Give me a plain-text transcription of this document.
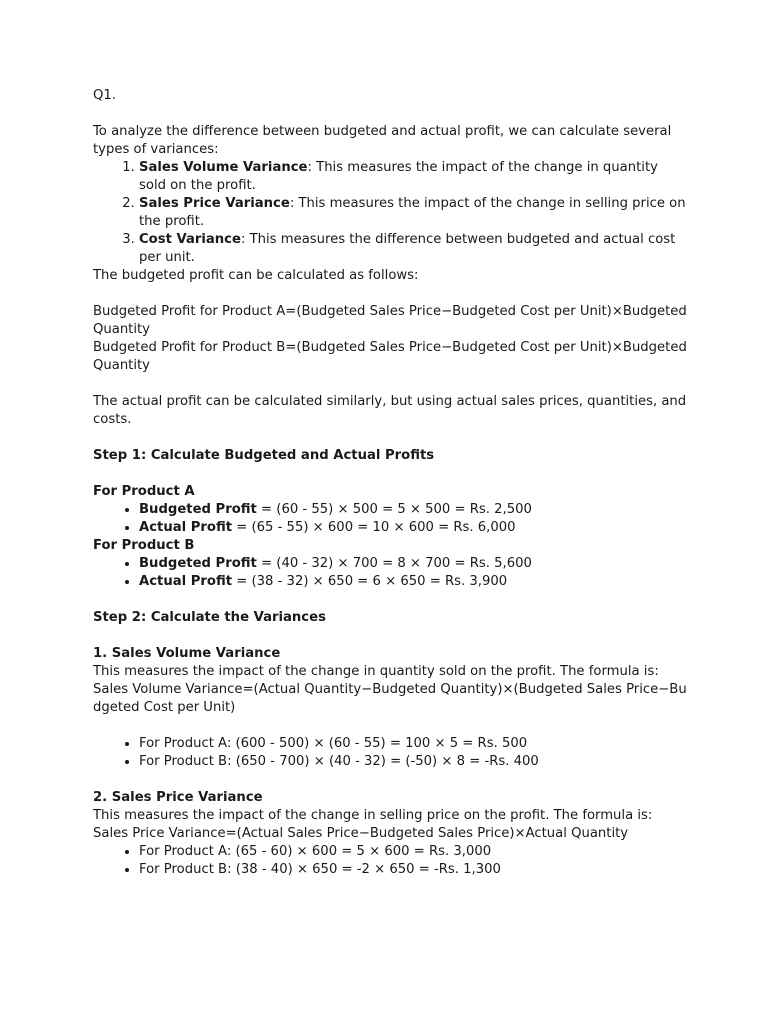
Q1.

To analyze the difference between budgeted and actual profit, we can calculate several types of variances:

1. Sales Volume Variance: This measures the impact of the change in quantity sold on the profit.
2. Sales Price Variance: This measures the impact of the change in selling price on the profit.
3. Cost Variance: This measures the difference between budgeted and actual cost per unit.

The budgeted profit can be calculated as follows:

Budgeted Profit for Product A=(Budgeted Sales Price−Budgeted Cost per Unit)×Budgeted Quantity

Budgeted Profit for Product B=(Budgeted Sales Price−Budgeted Cost per Unit)×Budgeted Quantity

The actual profit can be calculated similarly, but using actual sales prices, quantities, and costs.

Step 1: Calculate Budgeted and Actual Profits

For Product A

• Budgeted Profit = (60 - 55) × 500 = 5 × 500 = Rs. 2,500
• Actual Profit = (65 - 55) × 600 = 10 × 600 = Rs. 6,000

For Product B

• Budgeted Profit = (40 - 32) × 700 = 8 × 700 = Rs. 5,600
• Actual Profit = (38 - 32) × 650 = 6 × 650 = Rs. 3,900

Step 2: Calculate the Variances

1. Sales Volume Variance

This measures the impact of the change in quantity sold on the profit. The formula is:

Sales Volume Variance=(Actual Quantity−Budgeted Quantity)×(Budgeted Sales Price−Budgeted Cost per Unit)

• For Product A: (600 - 500) × (60 - 55) = 100 × 5 = Rs. 500
• For Product B: (650 - 700) × (40 - 32) = (-50) × 8 = -Rs. 400

2. Sales Price Variance

This measures the impact of the change in selling price on the profit. The formula is:

Sales Price Variance=(Actual Sales Price−Budgeted Sales Price)×Actual Quantity

• For Product A: (65 - 60) × 600 = 5 × 600 = Rs. 3,000
• For Product B: (38 - 40) × 650 = -2 × 650 = -Rs. 1,300
